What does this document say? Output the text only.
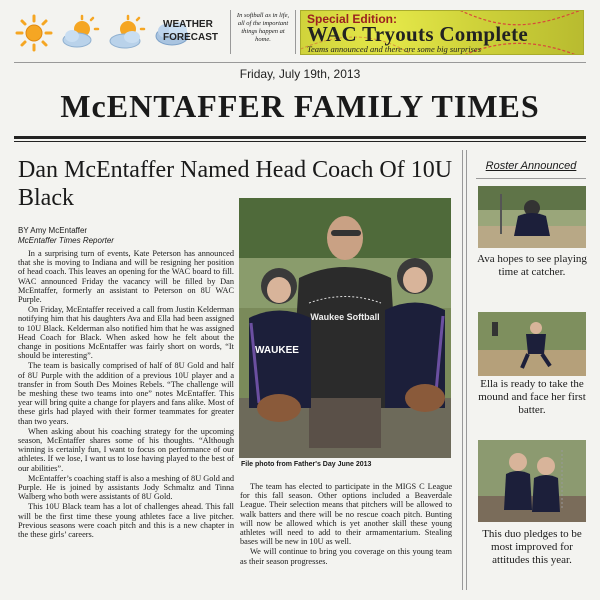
WEATHER FORECAST
In softball as in life, all of the important things happen at home.
Special Edition:
WAC Tryouts Complete
Teams announced and there are some big surprises
Friday, July 19th, 2013
McENTAFFER FAMILY TIMES
Dan McEntaffer Named Head Coach Of 10U Black
BY Amy McEntaffer
McEntaffer Times Reporter

In a surprising turn of events, Kate Peterson has announced that she is moving to Indiana and will be resigning her position of head coach. This leaves an opening for the WAC board to fill. WAC announced Friday the vacancy will be filled by Dan McEntaffer, formerly an assistant to Peterson on 8U WAC Purple.

On Friday, McEntaffer received a call from Justin Kelderman notifying him that his daughters Ava and Ella had been assigned to 10U Black. Kelderman also notified him that he was assigned Head Coach for Black. When asked how he felt about the change in positions McEntaffer was fairly short on words, “It should be interesting”.

The team is basically comprised of half of 8U Gold and half of 8U Purple with the addition of a previous 10U player and a transfer in from South Des Moines Rebels. “The challenge will be meshing these two teams into one” notes McEntaffer. This year will bring quite a change for players and fans alike. Most of these girls had played with their former teammates for greater than two years.

When asking about his coaching strategy for the upcoming season, McEntaffer shares some of his thoughts. “Although winning is certainly fun, I want to focus on performance of our athletes. If we lose, I want us to lose having played to the best of our abilities”.

McEntaffer’s coaching staff is also a meshing of 8U Gold and Purple. He is joined by assistants Jody Schmaltz and Tinna Walberg who both were assistants of 8U Gold.

This 10U Black team has a lot of challenges ahead. This fall will be the first time these young athletes face a live pitcher. Previous seasons were coach pitch and this is a new chapter in the these girls’ careers.

Waukee Softball
WAUKEE
File photo from Father's Day June 2013

The team has elected to participate in the MIGS C League for this fall season. Other options included a Beaverdale League. Their selection means that pitchers will be allowed to walk batters and there will be no rescue coach pitch. Bunting will now be allowed which is yet another skill these young athletes will need to add to their armamentarium. Stealing bases will be new in 10U as well.

We will continue to bring you coverage on this young team as their season progresses.

Roster Announced
Ava hopes to see playing time at catcher.
Ella is ready to take the mound and face her first batter.
This duo pledges to be most improved for attitudes this year.
